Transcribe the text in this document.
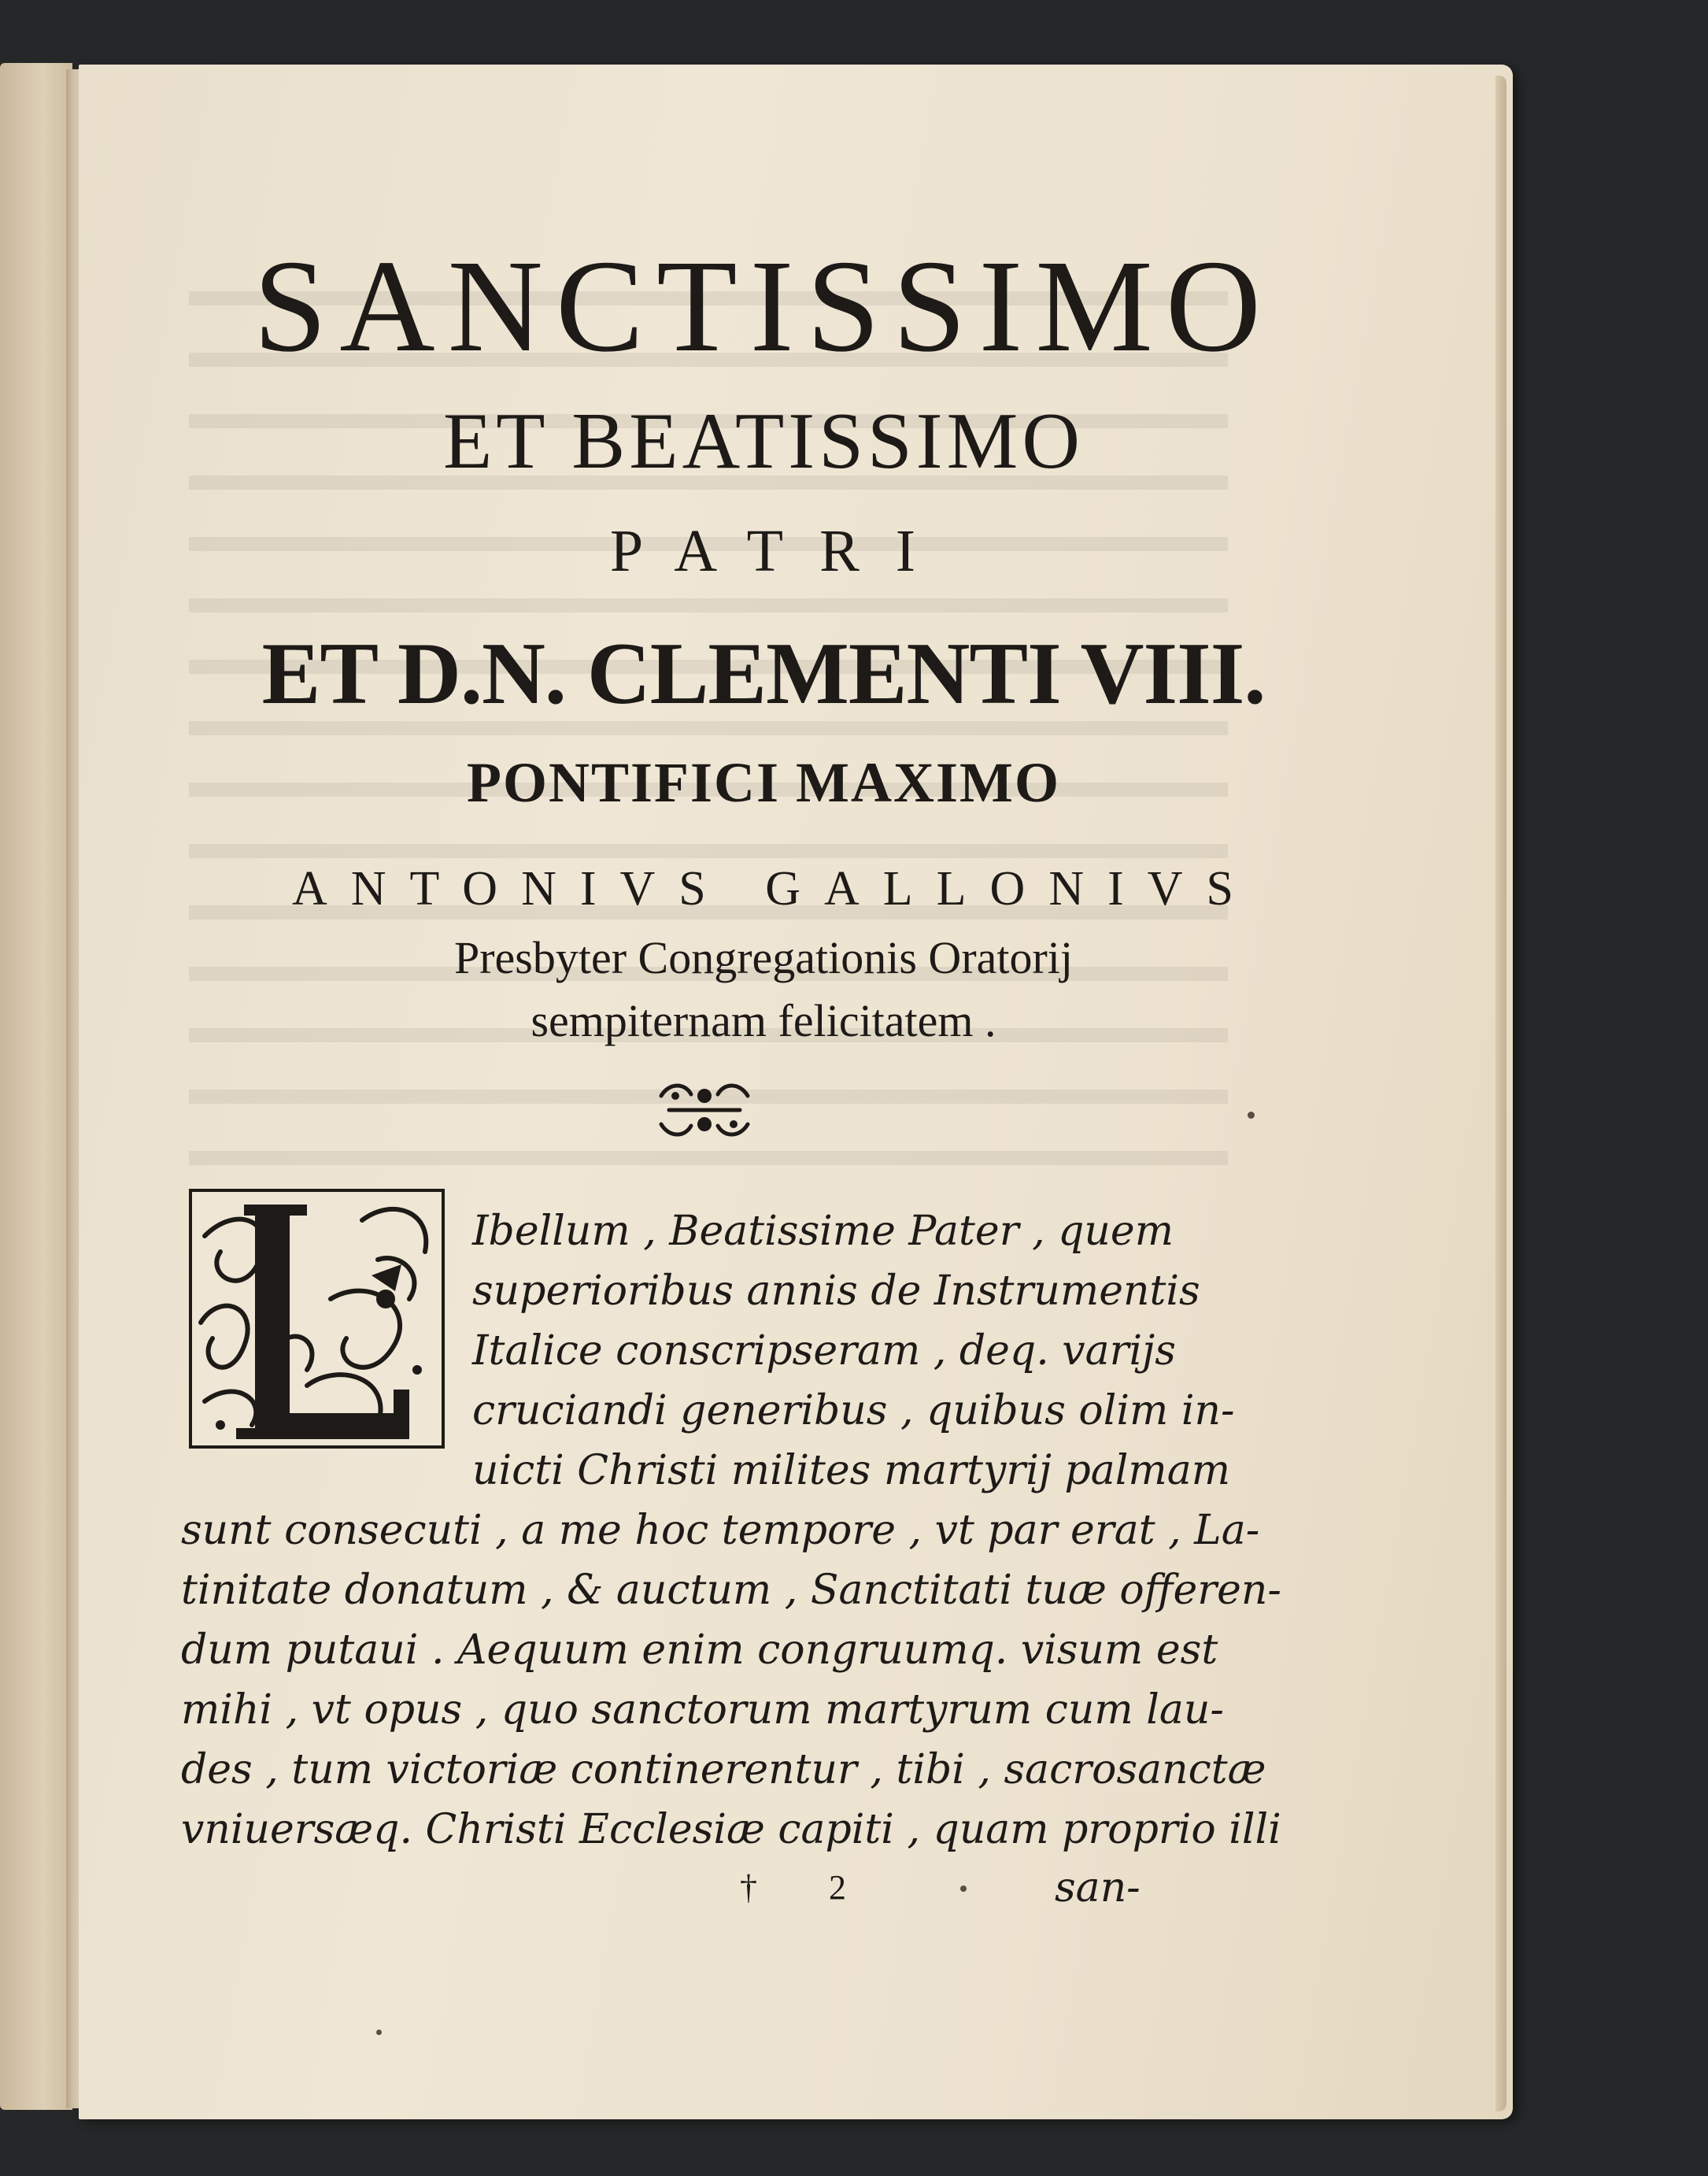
SANCTISSIMO
ET BEATISSIMO
PATRI
ET D.N. CLEMENTI VIII.
PONTIFICI MAXIMO
ANTONIVS GALLONIVS
Presbyter Congregationis Oratorij
sempiternam felicitatem .
Ibellum , Beatissime Pater , quem
superioribus annis de Instrumentis
Italice conscripseram , deq. varijs
cruciandi generibus , quibus olim in-
uicti Christi milites martyrij palmam
sunt consecuti , a me hoc tempore , vt par erat , La-
tinitate donatum , & auctum , Sanctitati tuæ offeren-
dum putaui . Aequum enim congruumq. visum est
mihi , vt opus , quo sanctorum martyrum cum lau-
des , tum victoriæ continerentur , tibi , sacrosanctæ
vniuersæq. Christi Ecclesiæ capiti , quam proprio illi
† 2	san-
